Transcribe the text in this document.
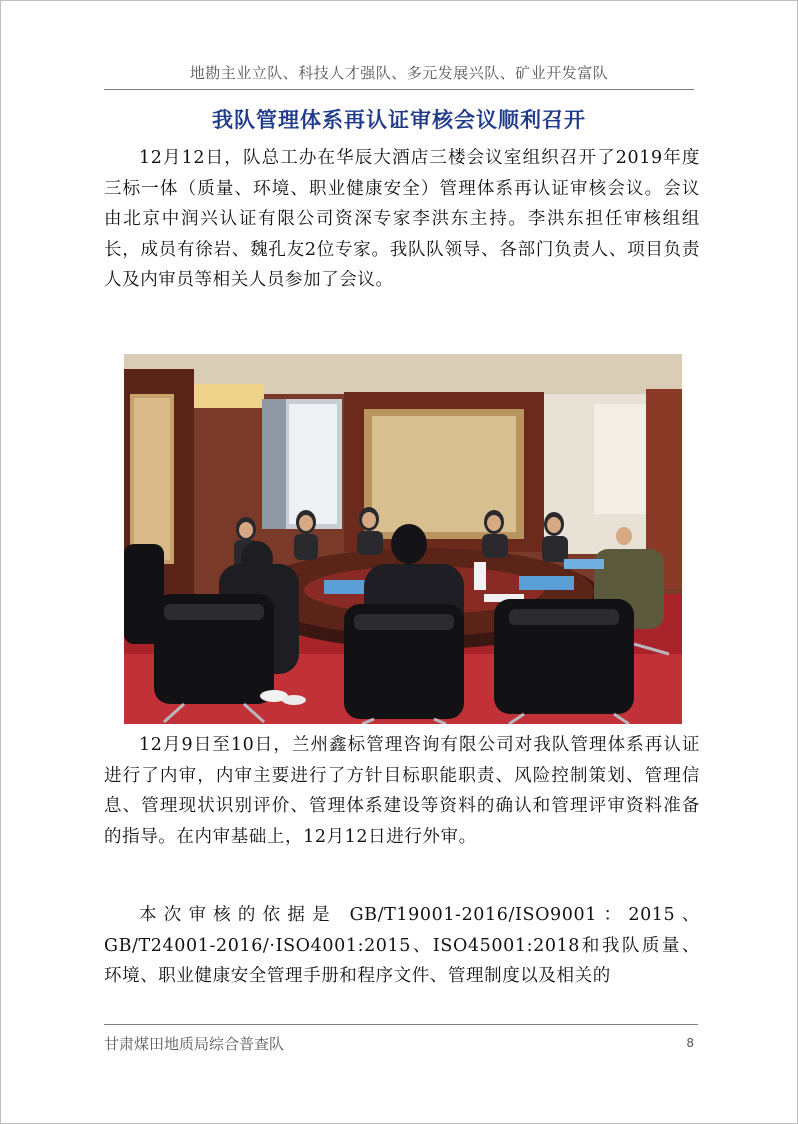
地勘主业立队、科技人才强队、多元发展兴队、矿业开发富队
我队管理体系再认证审核会议顺利召开

12月12日，队总工办在华辰大酒店三楼会议室组织召开了2019年度三标一体（质量、环境、职业健康安全）管理体系再认证审核会议。会议由北京中润兴认证有限公司资深专家李洪东主持。李洪东担任审核组组长，成员有徐岩、魏孔友2位专家。我队队领导、各部门负责人、项目负责人及内审员等相关人员参加了会议。

12月9日至10日，兰州鑫标管理咨询有限公司对我队管理体系再认证进行了内审，内审主要进行了方针目标职能职责、风险控制策划、管理信息、管理现状识别评价、管理体系建设等资料的确认和管理评审资料准备的指导。在内审基础上，12月12日进行外审。

本次审核的依据是 GB/T19001-2016/ISO9001：2015、GB/T24001-2016/·ISO4001:2015、ISO45001:2018和我队质量、环境、职业健康安全管理手册和程序文件、管理制度以及相关的

甘肃煤田地质局综合普查队	8
